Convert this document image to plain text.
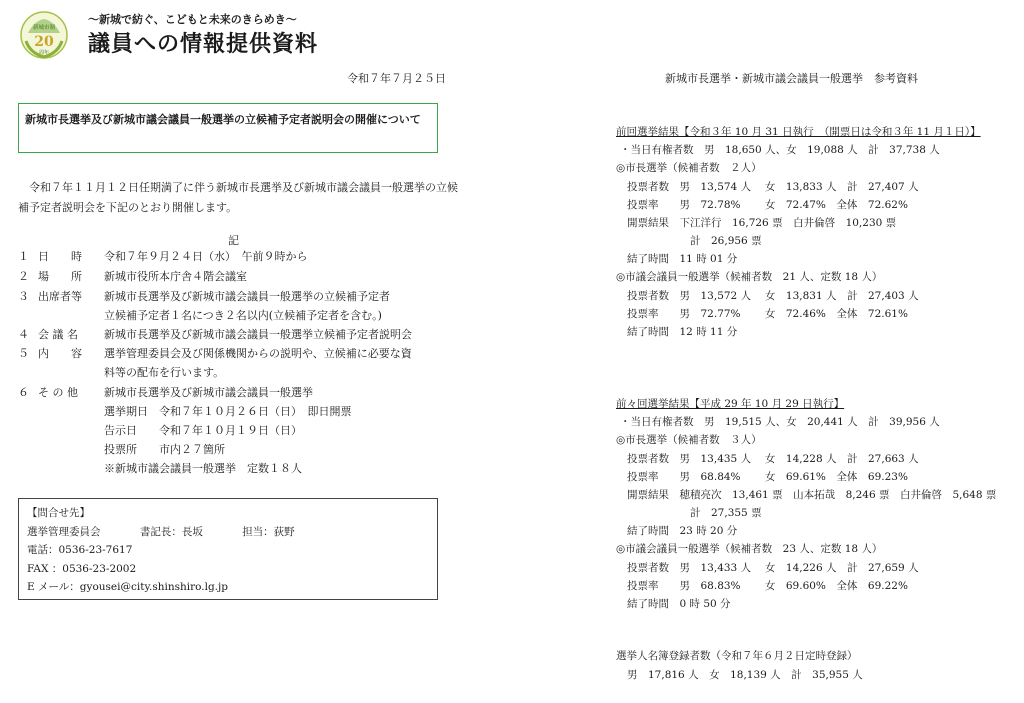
新城市制
20
周年
～新城で紡ぐ、こどもと未来のきらめき～
議員への情報提供資料
令和７年７月２５日	新城市長選挙・新城市議会議員一般選挙　参考資料
新城市長選挙及び新城市議会議員一般選挙の立候補予定者説明会の開催について
令和７年１１月１２日任期満了に伴う新城市長選挙及び新城市議会議員一般選挙の立候補予定者説明会を下記のとおり開催します。
記
１ 日　　時 令和７年９月２４日（水）　午前９時から
２ 場　　所 新城市役所本庁舎４階会議室
３ 出席者等 新城市長選挙及び新城市議会議員一般選挙の立候補予定者
立候補予定者１名につき２名以内(立候補予定者を含む。)
４ 会 議 名 新城市長選挙及び新城市議会議員一般選挙立候補予定者説明会
５ 内　　容 選挙管理委員会及び関係機関からの説明や、立候補に必要な資
料等の配布を行います。
６ そ の 他 新城市長選挙及び新城市議会議員一般選挙
選挙期日　令和７年１０月２６日（日）　即日開票
告示日　　令和７年１０月１９日（日）
投票所　　市内２７箇所
※新城市議会議員一般選挙　定数１８人
【問合せ先】
選挙管理委員会	書記長：長坂	担当：荻野
電話：0536-23-7617
FAX ：0536-23-2002
E メール：gyousei@city.shinshiro.lg.jp
前回選挙結果【令和３年 10 月 31 日執行　（開票日は令和３年 11 月１日）】
・当日有権者数　男　18,650 人、女　19,088 人　計　37,738 人
◎市長選挙（候補者数　２人）
投票者数　男　13,574 人　 女　13,833 人　計　27,407 人
投票率　　男　72.78%　　 女　72.47%　全体　72.62%
開票結果　下江洋行　16,726 票　白井倫啓　10,230 票
計　26,956 票
結了時間　11 時 01 分
◎市議会議員一般選挙（候補者数　21 人、定数 18 人）
投票者数　男　13,572 人　 女　13,831 人　計　27,403 人
投票率　　男　72.77%　　 女　72.46%　全体　72.61%
結了時間　12 時 11 分
前々回選挙結果【平成 29 年 10 月 29 日執行】
・当日有権者数　男　19,515 人、女　20,441 人　計　39,956 人
◎市長選挙（候補者数　３人）
投票者数　男　13,435 人　 女　14,228 人　計　27,663 人
投票率　　男　68.84%　　 女　69.61%　全体　69.23%
開票結果　穂積亮次　13,461 票　山本拓哉　8,246 票　白井倫啓　5,648 票
計　27,355 票
結了時間　23 時 20 分
◎市議会議員一般選挙（候補者数　23 人、定数 18 人）
投票者数　男　13,433 人　 女　14,226 人　計　27,659 人
投票率　　男　68.83%　　 女　69.60%　全体　69.22%
結了時間　0 時 50 分
選挙人名簿登録者数（令和７年６月２日定時登録）
男　17,816 人　女　18,139 人　計　35,955 人
